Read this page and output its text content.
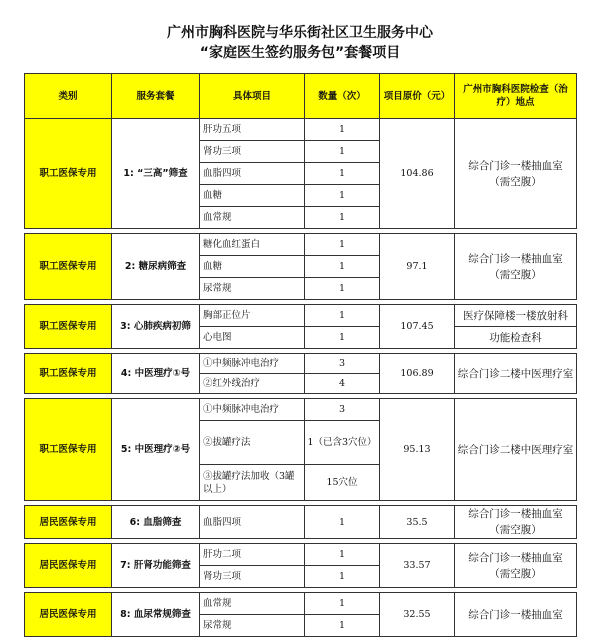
广州市胸科医院与华乐街社区卫生服务中心
“家庭医生签约服务包”套餐项目
类别	服务套餐	具体项目	数量（次）	项目原价（元）	广州市胸科医院检查（治疗）地点
职工医保专用	1: “三高”筛查	肝功五项	1	104.86	综合门诊一楼抽血室
（需空腹）
		肾功三项	1		
		血脂四项	1		
		血糖	1		
		血常规	1		

职工医保专用	2: 糖尿病筛查	糖化血红蛋白	1	97.1	综合门诊一楼抽血室
（需空腹）
		血糖	1		
		尿常规	1		

职工医保专用	3: 心肺疾病初筛	胸部正位片	1	107.45	医疗保障楼一楼放射科
		心电图	1		功能检查科

职工医保专用	4: 中医理疗①号	①中频脉冲电治疗	3	106.89	综合门诊二楼中医理疗室
		②红外线治疗	4		

职工医保专用	5: 中医理疗②号	①中频脉冲电治疗	3	95.13	综合门诊二楼中医理疗室
		②拔罐疗法	1（已含3穴位）		
		③拔罐疗法加收（3罐以上）	15穴位		

居民医保专用	6: 血脂筛查	血脂四项	1	35.5	综合门诊一楼抽血室
（需空腹）

居民医保专用	7: 肝肾功能筛查	肝功二项	1	33.57	综合门诊一楼抽血室
（需空腹）
		肾功三项	1		

居民医保专用	8: 血尿常规筛查	血常规	1	32.55	综合门诊一楼抽血室
		尿常规	1		
